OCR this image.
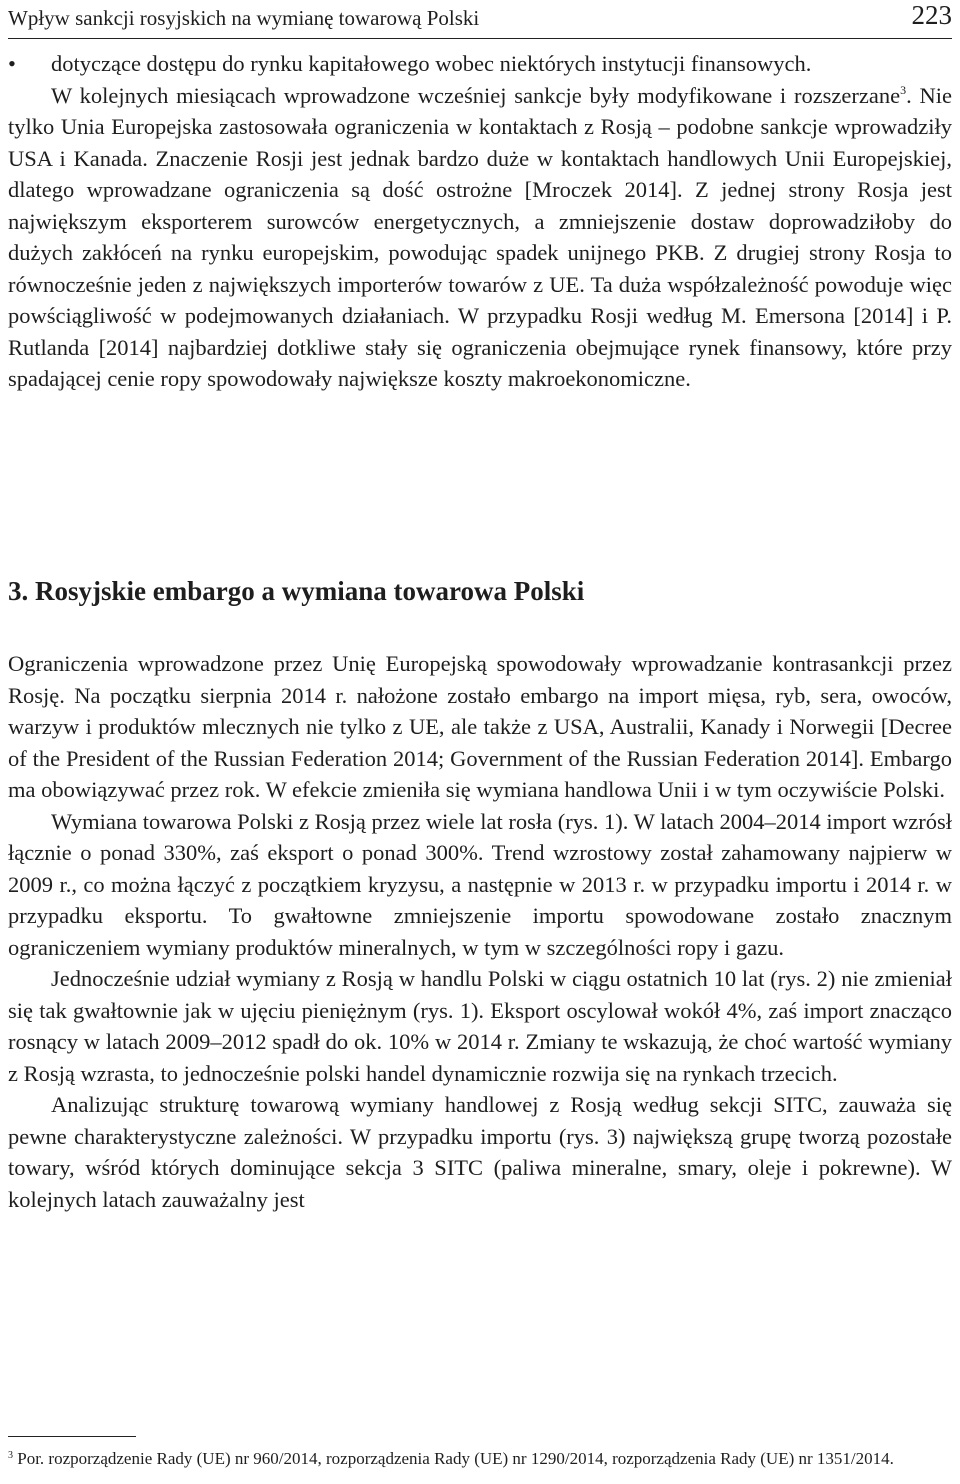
Wpływ sankcji rosyjskich na wymianę towarową Polski	223

• dotyczące dostępu do rynku kapitałowego wobec niektórych instytucji finansowych.

W kolejnych miesiącach wprowadzone wcześniej sankcje były modyfikowane i rozszerzane$^3$. Nie tylko Unia Europejska zastosowała ograniczenia w kontaktach z Rosją – podobne sankcje wprowadziły USA i Kanada. Znaczenie Rosji jest jednak bardzo duże w kontaktach handlowych Unii Europejskiej, dlatego wprowadzane ograniczenia są dość ostrożne [Mroczek 2014]. Z jednej strony Rosja jest największym eksporterem surowców energetycznych, a zmniejszenie dostaw doprowadziłoby do dużych zakłóceń na rynku europejskim, powodując spadek unijnego PKB. Z drugiej strony Rosja to równocześnie jeden z największych importerów towarów z UE. Ta duża współzależność powoduje więc powściągliwość w podejmowanych działaniach. W przypadku Rosji według M. Emersona [2014] i P. Rutlanda [2014] najbardziej dotkliwe stały się ograniczenia obejmujące rynek finansowy, które przy spadającej cenie ropy spowodowały największe koszty makroekonomiczne.

3. Rosyjskie embargo a wymiana towarowa Polski

Ograniczenia wprowadzone przez Unię Europejską spowodowały wprowadzanie kontrasankcji przez Rosję. Na początku sierpnia 2014 r. nałożone zostało embargo na import mięsa, ryb, sera, owoców, warzyw i produktów mlecznych nie tylko z UE, ale także z USA, Australii, Kanady i Norwegii [Decree of the President of the Russian Federation 2014; Government of the Russian Federation 2014]. Embargo ma obowiązywać przez rok. W efekcie zmieniła się wymiana handlowa Unii i w tym oczywiście Polski.

Wymiana towarowa Polski z Rosją przez wiele lat rosła (rys. 1). W latach 2004–2014 import wzrósł łącznie o ponad 330%, zaś eksport o ponad 300%. Trend wzrostowy został zahamowany najpierw w 2009 r., co można łączyć z początkiem kryzysu, a następnie w 2013 r. w przypadku importu i 2014 r. w przypadku eksportu. To gwałtowne zmniejszenie importu spowodowane zostało znacznym ograniczeniem wymiany produktów mineralnych, w tym w szczególności ropy i gazu.

Jednocześnie udział wymiany z Rosją w handlu Polski w ciągu ostatnich 10 lat (rys. 2) nie zmieniał się tak gwałtownie jak w ujęciu pieniężnym (rys. 1). Eksport oscylował wokół 4%, zaś import znacząco rosnący w latach 2009–2012 spadł do ok. 10% w 2014 r. Zmiany te wskazują, że choć wartość wymiany z Rosją wzrasta, to jednocześnie polski handel dynamicznie rozwija się na rynkach trzecich.

Analizując strukturę towarową wymiany handlowej z Rosją według sekcji SITC, zauważa się pewne charakterystyczne zależności. W przypadku importu (rys. 3) największą grupę tworzą pozostałe towary, wśród których dominujące sekcja 3 SITC (paliwa mineralne, smary, oleje i pokrewne). W kolejnych latach zauważalny jest

$^3$ Por. rozporządzenie Rady (UE) nr 960/2014, rozporządzenia Rady (UE) nr 1290/2014, rozporządzenia Rady (UE) nr 1351/2014.
